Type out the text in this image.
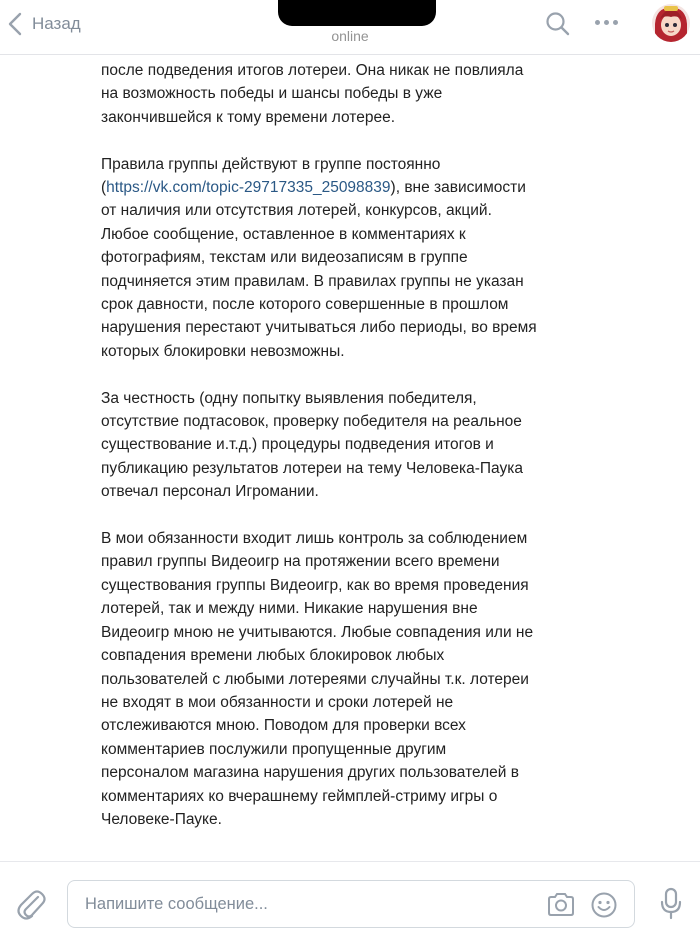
Назад
online
после подведения итогов лотереи. Она никак не повлияла
на возможность победы и шансы победы в уже
закончившейся к тому времени лотерее.
Правила группы действуют в группе постоянно
(https://vk.com/topic-29717335_25098839), вне зависимости
от наличия или отсутствия лотерей, конкурсов, акций.
Любое сообщение, оставленное в комментариях к
фотографиям, текстам или видеозаписям в группе
подчиняется этим правилам. В правилах группы не указан
срок давности, после которого совершенные в прошлом
нарушения перестают учитываться либо периоды, во время
которых блокировки невозможны.
За честность (одну попытку выявления победителя,
отсутствие подтасовок, проверку победителя на реальное
существование и.т.д.) процедуры подведения итогов и
публикацию результатов лотереи на тему Человека-Паука
отвечал персонал Игромании.
В мои обязанности входит лишь контроль за соблюдением
правил группы Видеоигр на протяжении всего времени
существования группы Видеоигр, как во время проведения
лотерей, так и между ними. Никакие нарушения вне
Видеоигр мною не учитываются. Любые совпадения или не
совпадения времени любых блокировок любых
пользователей с любыми лотереями случайны т.к. лотереи
не входят в мои обязанности и сроки лотерей не
отслеживаются мною. Поводом для проверки всех
комментариев послужили пропущенные другим
персоналом магазина нарушения других пользователей в
комментариях ко вчерашнему геймплей-стриму игры о
Человеке-Пауке.
Напишите сообщение...
